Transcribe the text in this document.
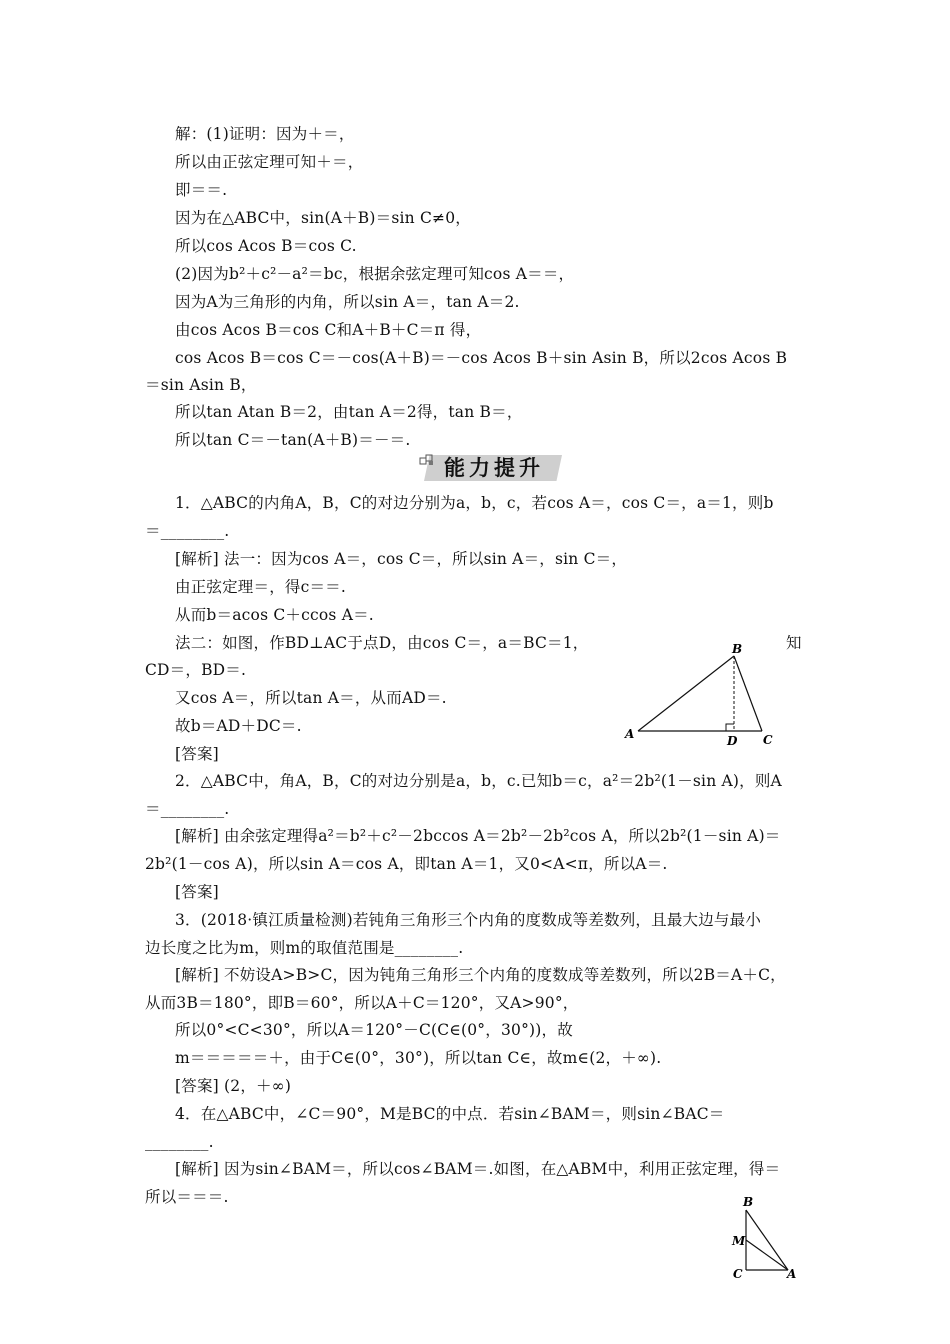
解：(1)证明：因为＋＝，
所以由正弦定理可知＋＝，
即＝＝.
因为在△ABC中，sin(A＋B)＝sin C≠0，
所以cos Acos B＝cos C.
(2)因为b²＋c²－a²＝bc，根据余弦定理可知cos A＝＝，
因为A为三角形的内角，所以sin A＝，tan A＝2.
由cos Acos B＝cos C和A＋B＋C＝π 得，
cos Acos B＝cos C＝－cos(A＋B)＝－cos Acos B＋sin Asin B，所以2cos Acos B
＝sin Asin B，
所以tan Atan B＝2，由tan A＝2得，tan B＝，
所以tan C＝－tan(A＋B)＝－＝.
能力提升
1．△ABC的内角A，B，C的对边分别为a，b，c，若cos A＝，cos C＝，a＝1，则b
＝________.
[解析] 法一：因为cos A＝，cos C＝，所以sin A＝，sin C＝，
由正弦定理＝，得c＝＝.
从而b＝acos C＋ccos A＝.
法二：如图，作BD⊥AC于点D，由cos C＝，a＝BC＝1，	知
CD＝，BD＝.
又cos A＝，所以tan A＝，从而AD＝.
故b＝AD＋DC＝.
[答案]
A
B
C
D
2．△ABC中，角A，B，C的对边分别是a，b，c.已知b＝c，a²＝2b²(1－sin A)，则A
＝________.
[解析] 由余弦定理得a²＝b²＋c²－2bccos A＝2b²－2b²cos A，所以2b²(1－sin A)＝
2b²(1－cos A)，所以sin A＝cos A，即tan A＝1，又0<A<π，所以A＝.
[答案]
3．(2018·镇江质量检测)若钝角三角形三个内角的度数成等差数列，且最大边与最小
边长度之比为m，则m的取值范围是________.
[解析] 不妨设A>B>C，因为钝角三角形三个内角的度数成等差数列，所以2B＝A＋C，
从而3B＝180°，即B＝60°，所以A＋C＝120°，又A>90°，
所以0°<C<30°，所以A＝120°－C(C∈(0°，30°))，故
m＝＝＝＝＝＋，由于C∈(0°，30°)，所以tan C∈，故m∈(2，＋∞).
[答案] (2，＋∞)
4．在△ABC中，∠C＝90°，M是BC的中点．若sin∠BAM＝，则sin∠BAC＝
________.
[解析] 因为sin∠BAM＝，所以cos∠BAM＝.如图，在△ABM中，利用正弦定理，得＝
所以＝＝＝.	B
M
C	A
